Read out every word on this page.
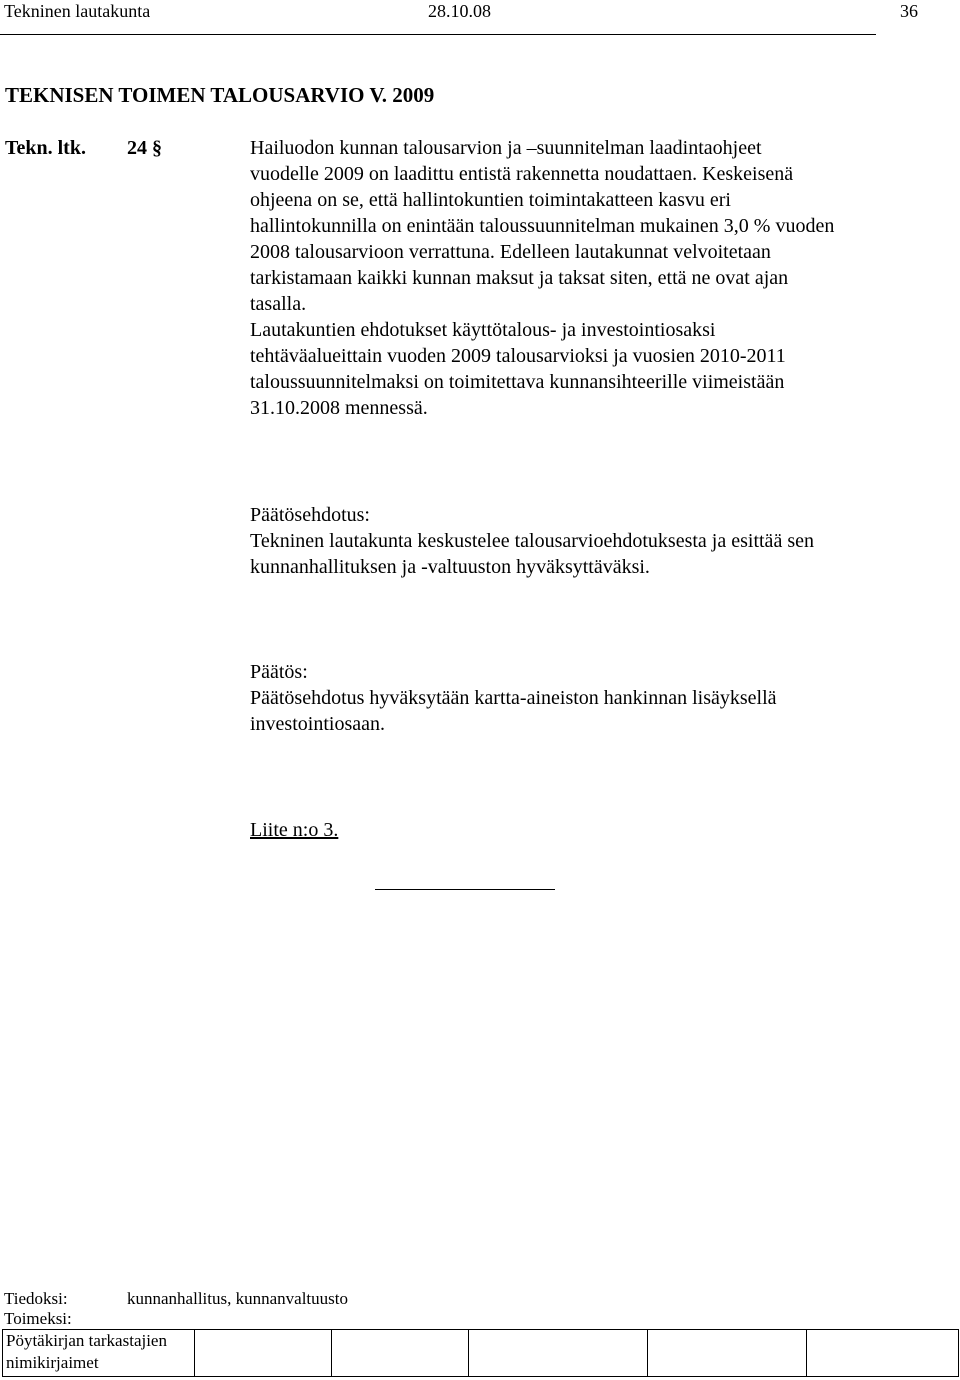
Tekninen lautakunta	28.10.08	36
TEKNISEN TOIMEN TALOUSARVIO V. 2009
Tekn. ltk. 24 §	Hailuodon kunnan talousarvion ja –suunnitelman laadintaohjeet
vuodelle 2009 on laadittu entistä rakennetta noudattaen. Keskeisenä
ohjeena on se, että hallintokuntien toimintakatteen kasvu eri
hallintokunnilla on enintään taloussuunnitelman mukainen 3,0 % vuoden
2008 talousarvioon verrattuna. Edelleen lautakunnat velvoitetaan
tarkistamaan kaikki kunnan maksut ja taksat siten, että ne ovat ajan
tasalla.
Lautakuntien ehdotukset käyttötalous- ja investointiosaksi
tehtäväalueittain vuoden 2009 talousarvioksi ja vuosien 2010-2011
taloussuunnitelmaksi on toimitettava kunnansihteerille viimeistään
31.10.2008 mennessä.
Päätösehdotus:
Tekninen lautakunta keskustelee talousarvioehdotuksesta ja esittää sen
kunnanhallituksen ja -valtuuston hyväksyttäväksi.
Päätös:
Päätösehdotus hyväksytään kartta-aineiston hankinnan lisäyksellä
investointiosaan.
Liite n:o 3.
Tiedoksi:	kunnanhallitus, kunnanvaltuusto
Toimeksi:
Pöytäkirjan tarkastajien
nimikirjaimet
